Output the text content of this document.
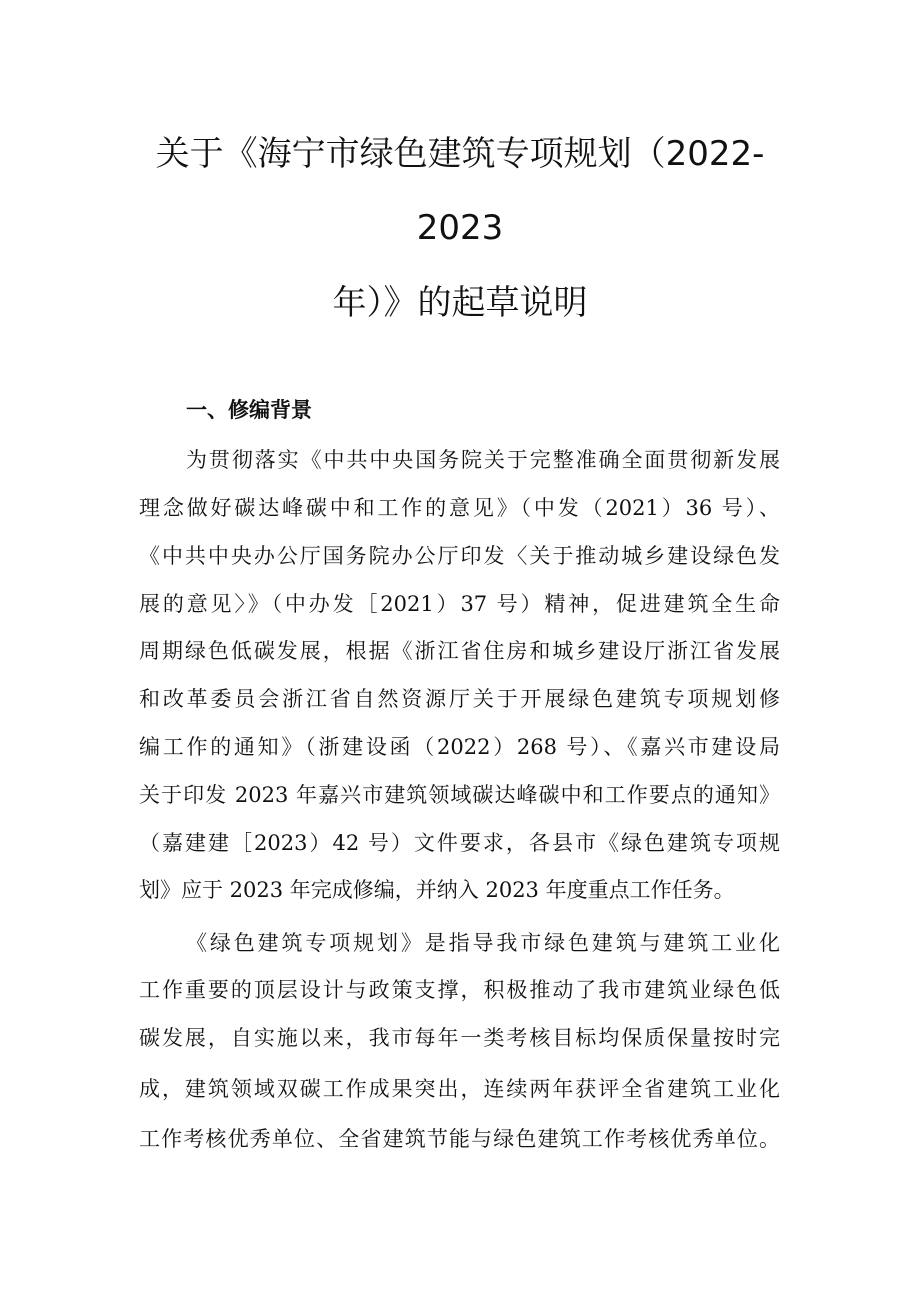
关于《海宁市绿色建筑专项规划（2022-
2023
年）》的起草说明
一、修编背景
为贯彻落实《中共中央国务院关于完整准确全面贯彻新发展
理念做好碳达峰碳中和工作的意见》（中发（2021）36 号）、
《中共中央办公厅国务院办公厅印发〈关于推动城乡建设绿色发
展的意见〉》（中办发［2021）37 号）精神，促进建筑全生命
周期绿色低碳发展，根据《浙江省住房和城乡建设厅浙江省发展
和改革委员会浙江省自然资源厅关于开展绿色建筑专项规划修
编工作的通知》（浙建设函（2022）268 号）、《嘉兴市建设局
关于印发 2023 年嘉兴市建筑领域碳达峰碳中和工作要点的通知》
（嘉建建［2023）42 号）文件要求，各县市《绿色建筑专项规
划》应于 2023 年完成修编，并纳入 2023 年度重点工作任务。
《绿色建筑专项规划》是指导我市绿色建筑与建筑工业化
工作重要的顶层设计与政策支撑，积极推动了我市建筑业绿色低
碳发展，自实施以来，我市每年一类考核目标均保质保量按时完
成，建筑领域双碳工作成果突出，连续两年获评全省建筑工业化
工作考核优秀单位、全省建筑节能与绿色建筑工作考核优秀单位。
